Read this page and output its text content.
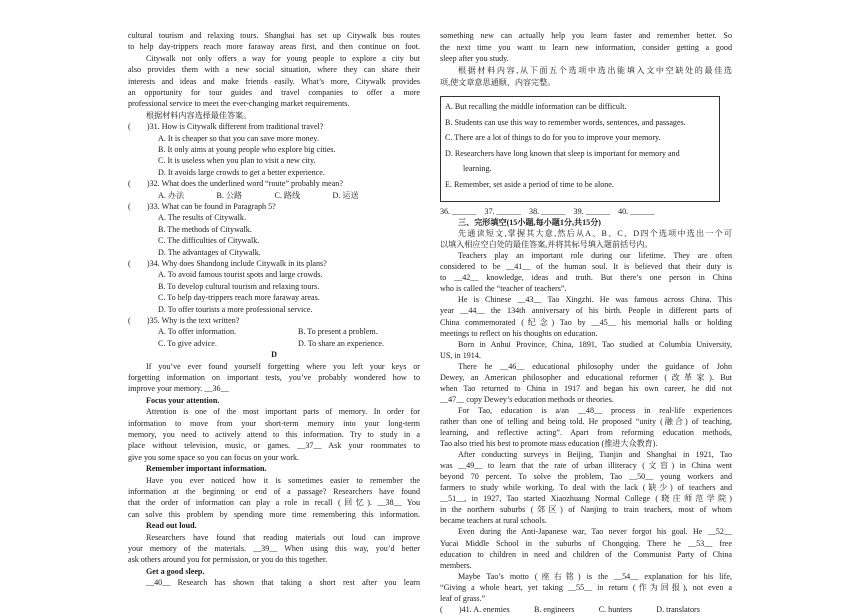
cultural tourism and relaxing tours. Shanghai has set up Citywalk bus routes
to help day-trippers reach more faraway areas first, and then continue on foot.
Citywalk not only offers a way for young people to explore a city but
also provides them with a new social situation, where they can share their
interests and ideas and make friends easily. What’s more, Citywalk provides
an opportunity for tour guides and travel companies to offer a more
professional service to meet the ever-changing market requirements.
根据材料内容选择最佳答案。
(　　)31. How is Citywalk different from traditional travel?
A. It is cheaper so that you can save more money.
B. It only aims at young people who explore big cities.
C. It is useless when you plan to visit a new city.
D. It avoids large crowds to get a better experience.
(　　)32. What does the underlined word “route” probably mean?
A. 办法　　　　B. 公路　　　　C. 路线　　　　D. 运送
(　　)33. What can be found in Paragraph 5?
A. The results of Citywalk.
B. The methods of Citywalk.
C. The difficulties of Citywalk.
D. The advantages of Citywalk.
(　　)34. Why does Shandong include Citywalk in its plans?
A. To avoid famous tourist spots and large crowds.
B. To develop cultural tourism and relaxing tours.
C. To help day-trippers reach more faraway areas.
D. To offer tourists a more professional service.
(　　)35. Why is the text written?
A. To offer information.	B. To present a problem.
C. To give advice.	D. To share an experience.
D
If you’ve ever found yourself forgetting where you left your keys or
forgetting information on important tests, you’ve probably wondered how to
improve your memory. __36__
Focus your attention.
Attention is one of the most important parts of memory. In order for
information to move from your short-term memory into your long-term
memory, you need to actively attend to this information. Try to study in a
place without television, music, or games. __37__ Ask your roommates to
give you some space so you can focus on your work.
Remember important information.
Have you ever noticed how it is sometimes easier to remember the
information at the beginning or end of a passage? Researchers have found
that the order of information can play a role in recall (回忆). __38__ You
can solve this problem by spending more time remembering this information.
Read out loud.
Researchers have found that reading materials out loud can improve
your memory of the materials. __39__ When using this way, you’d better
ask others around you for permission, or you do this together.
Get a good sleep.
__40__ Research has shown that taking a short rest after you learn
something new can actually help you learn faster and remember better. So
the next time you want to learn new information, consider getting a good
sleep after you study.
根据材料内容,从下面五个选项中选出能填入文中空缺处的最佳选
项,使文章意思通顺、内容完整。
A. But recalling the middle information can be difficult.
B. Students can use this way to remember words, sentences, and passages.
C. There are a lot of things to do for you to improve your memory.
D. Researchers have long known that sleep is important for memory and
learning.
E. Remember, set aside a period of time to be alone.
36. ______　37. ______　38. ______　39. ______　40. ______
三、完形填空(15小题,每小题1分,共15分)
先通读短文,掌握其大意,然后从A、B、C、D四个选项中选出一个可
以填入相应空白处的最佳答案,并将其标号填入题前括号内。
Teachers play an important role during our lifetime. They are often
considered to be __41__ of the human soul. It is believed that their duty is
to __42__ knowledge, ideas and truth. But there’s one person in China
who is called the “teacher of teachers”.
He is Chinese __43__ Tao Xingzhi. He was famous across China. This
year __44__ the 134th anniversary of his birth. People in different parts of
China commemorated (纪念) Tao by __45__ his memorial halls or holding
meetings to reflect on his thoughts on education.
Born in Anhui Province, China, 1891, Tao studied at Columbia University,
US, in 1914.
There he __46__ educational philosophy under the guidance of John
Dewey, an American philosopher and educational reformer (改革家). But
when Tao returned to China in 1917 and began his own career, he did not
__47__ copy Dewey’s education methods or theories.
For Tao, education is a/an __48__ process in real-life experiences
rather than one of telling and being told. He proposed “unity (融合) of teaching,
learning, and reflective acting”. Apart from reforming education methods,
Tao also tried his best to promote mass education (推进大众教育).
After conducting surveys in Beijing, Tianjin and Shanghai in 1921, Tao
was __49__ to learn that the rate of urban illiteracy (文盲) in China went
beyond 70 percent. To solve the problem, Tao __50__ young workers and
farmers to study while working. To deal with the lack (缺少) of teachers and
__51__, in 1927, Tao started Xiaozhuang Normal College (晓庄师范学院)
in the northern suburbs (郊区) of Nanjing to train teachers, most of whom
became teachers at rural schools.
Even during the Anti-Japanese war, Tao never forgot his goal. He __52__
Yucai Middle School in the suburbs of Chongqing. There he __53__ free
education to children in need and children of the Communist Party of China
members.
Maybe Tao’s motto (座右铭) is the __54__ explanation for his life,
“Giving a whole heart, yet taking __55__ in return (作为回报), not even a
leaf of grass.”
(　　)41. A. enemies　　　B. engineers　　　C. hunters　　　D. translators
